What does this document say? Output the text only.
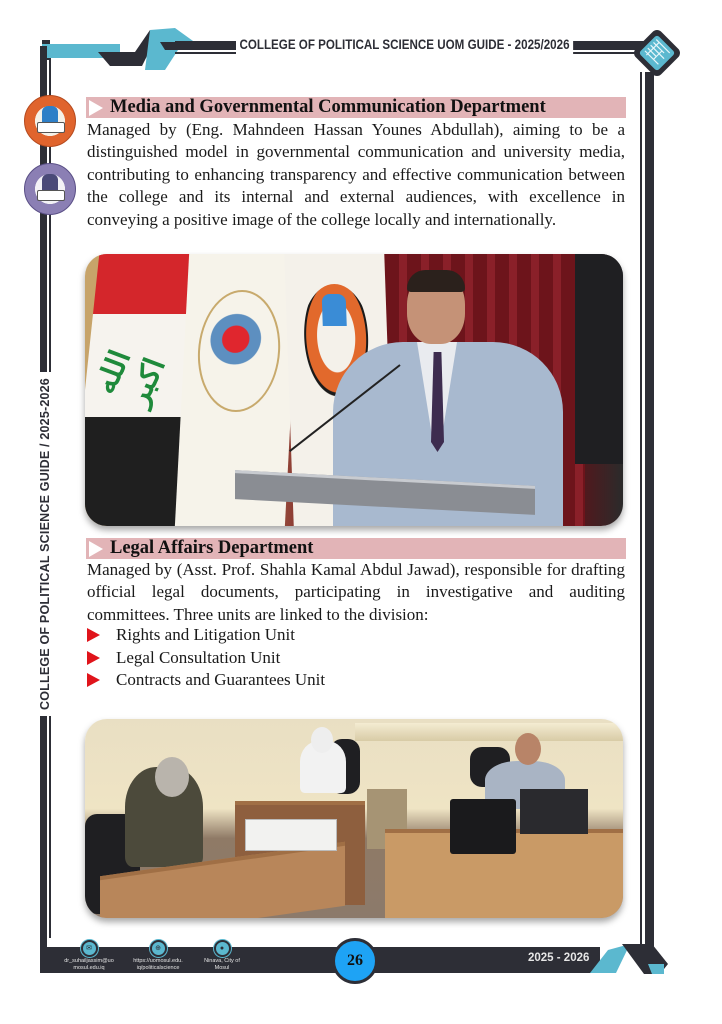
COLLEGE OF POLITICAL SCIENCE UOM GUIDE - 2025/2026
COLLEGE OF POLITICAL SCIENCE GUIDE / 2025-2026
Media and Governmental Communication Department
Managed by (Eng. Mahndeen Hassan Younes Abdullah), aiming to be a distinguished model in governmental communication and university media, contributing to enhancing transparency and effective communication between the college and its internal and external audiences, with excellence in conveying a positive image of the college locally and internationally.
الله اكبر
Legal Affairs Department
Managed by (Asst. Prof. Shahla Kamal Abdul Jawad), responsible for drafting official legal documents, participating in investigative and auditing committees. Three units are linked to the division:
Rights and Litigation Unit
Legal Consultation Unit
Contracts and Guarantees Unit
✉
dr_suhailjassim@uo
mosul.edu.iq
⊕
https://uomosul.edu.
iq/politicalscience
●
Ninava, City of
Mosul	26	2025 - 2026
